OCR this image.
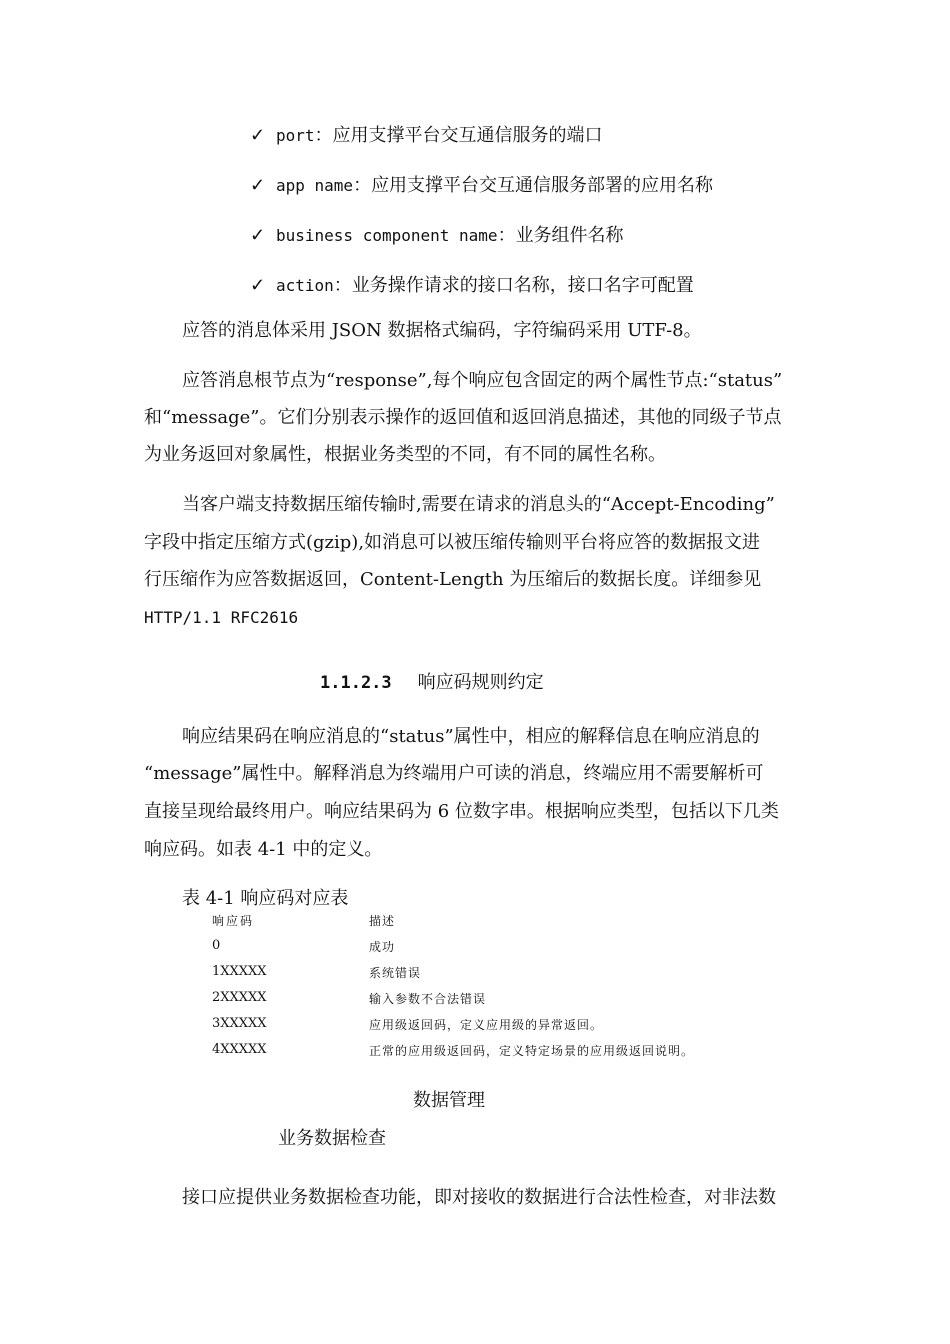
✓ port：应用支撑平台交互通信服务的端口
✓ app name：应用支撑平台交互通信服务部署的应用名称
✓ business component name：业务组件名称
✓ action：业务操作请求的接口名称，接口名字可配置
应答的消息体采用 JSON 数据格式编码，字符编码采用 UTF-8。
应答消息根节点为“response”,每个响应包含固定的两个属性节点:“status”
和“message”。它们分别表示操作的返回值和返回消息描述，其他的同级子节点
为业务返回对象属性，根据业务类型的不同，有不同的属性名称。
当客户端支持数据压缩传输时,需要在请求的消息头的“Accept-Encoding”
字段中指定压缩方式(gzip),如消息可以被压缩传输则平台将应答的数据报文进
行压缩作为应答数据返回，Content-Length 为压缩后的数据长度。详细参见
HTTP/1.1 RFC2616
1.1.2.3 响应码规则约定
响应结果码在响应消息的“status”属性中，相应的解释信息在响应消息的
“message”属性中。解释消息为终端用户可读的消息，终端应用不需要解析可
直接呈现给最终用户。响应结果码为 6 位数字串。根据响应类型，包括以下几类
响应码。如表 4-1 中的定义。
表 4-1 响应码对应表
响应码	描述
0	成功
1XXXXX	系统错误
2XXXXX	输入参数不合法错误
3XXXXX	应用级返回码，定义应用级的异常返回。
4XXXXX	正常的应用级返回码，定义特定场景的应用级返回说明。
数据管理
业务数据检查
接口应提供业务数据检查功能，即对接收的数据进行合法性检查，对非法数
